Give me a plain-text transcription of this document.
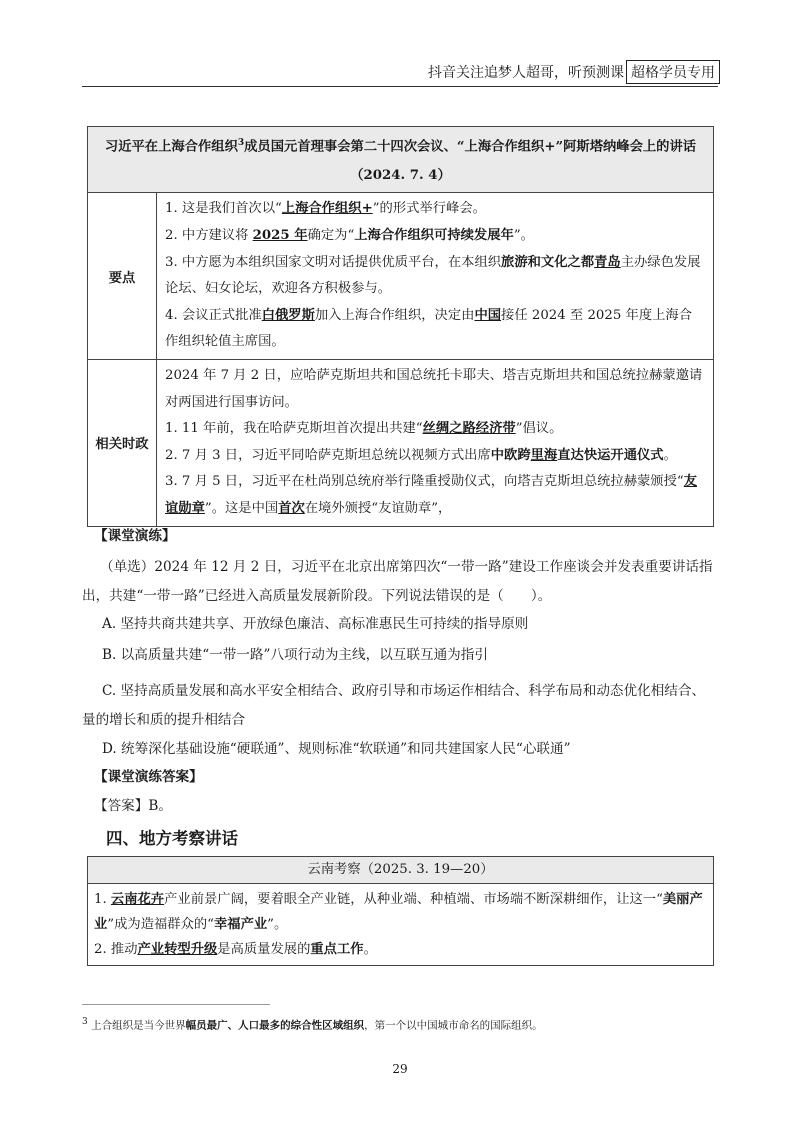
抖音关注追梦人超哥，听预测课 超格学员专用
习近平在上海合作组织$^3$成员国元首理事会第二十四次会议、“上海合作组织+”阿斯塔纳峰会上的讲话
（2024. 7. 4）	
要点	1. 这是我们首次以“上海合作组织+”的形式举行峰会。

2. 中方建议将 2025 年确定为“上海合作组织可持续发展年”。

3. 中方愿为本组织国家文明对话提供优质平台，在本组织旅游和文化之都青岛主办绿色发展论坛、妇女论坛，欢迎各方积极参与。

4. 会议正式批准白俄罗斯加入上海合作组织，决定由中国接任 2024 至 2025 年度上海合作组织轮值主席国。

相关时政	2024 年 7 月 2 日，应哈萨克斯坦共和国总统托卡耶夫、塔吉克斯坦共和国总统拉赫蒙邀请对两国进行国事访问。

1. 11 年前，我在哈萨克斯坦首次提出共建“丝绸之路经济带”倡议。

2. 7 月 3 日，习近平同哈萨克斯坦总统以视频方式出席中欧跨里海直达快运开通仪式。

3. 7 月 5 日，习近平在杜尚别总统府举行隆重授勋仪式，向塔吉克斯坦总统拉赫蒙颁授“友谊勋章”。这是中国首次在境外颁授“友谊勋章”，

【课堂演练】
（单选）2024 年 12 月 2 日，习近平在北京出席第四次“一带一路”建设工作座谈会并发表重要讲话指出，共建“一带一路”已经进入高质量发展新阶段。下列说法错误的是（　　）。
A. 坚持共商共建共享、开放绿色廉洁、高标准惠民生可持续的指导原则
B. 以高质量共建“一带一路”八项行动为主线，以互联互通为指引
C. 坚持高质量发展和高水平安全相结合、政府引导和市场运作相结合、科学布局和动态优化相结合、量的增长和质的提升相结合
D. 统筹深化基础设施“硬联通”、规则标准“软联通”和同共建国家人民“心联通”
【课堂演练答案】
【答案】B。
四、地方考察讲话
云南考察（2025. 3. 19—20）

1. 云南花卉产业前景广阔，要着眼全产业链，从种业端、种植端、市场端不断深耕细作，让这一“美丽产业”成为造福群众的“幸福产业”。

2. 推动产业转型升级是高质量发展的重点工作。

$^3$ 上合组织是当今世界幅员最广、人口最多的综合性区域组织，第一个以中国城市命名的国际组织。
29
